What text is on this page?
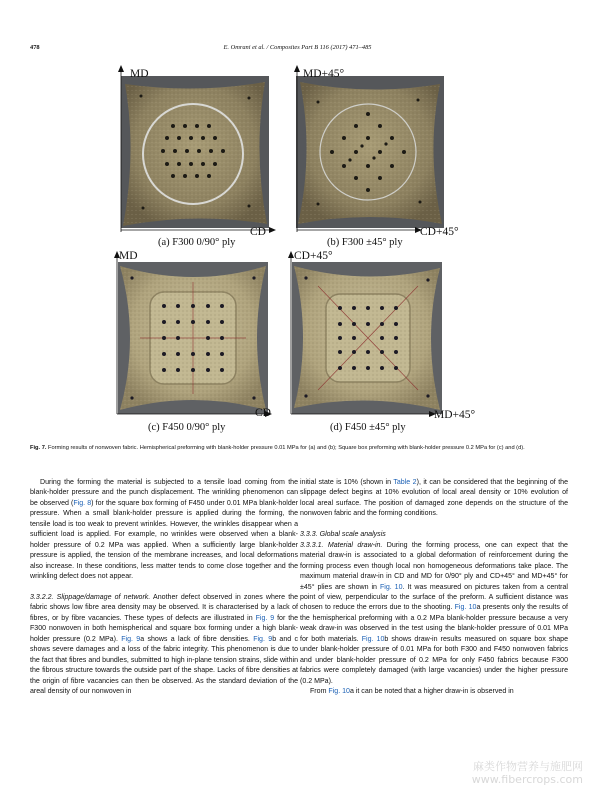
478	E. Omrani et al. / Composites Part B 116 (2017) 471–485
MD
CD
(a) F300 0/90° ply
MD+45°
CD+45°
(b) F300 ±45° ply
MD
CD
(c) F450 0/90° ply
CD+45°
MD+45°
(d) F450 ±45° ply
Fig. 7. Forming results of nonwoven fabric. Hemispherical preforming with blank-holder pressure 0.01 MPa for (a) and (b); Square box preforming with blank-holder pressure 0.2 MPa for (c) and (d).

During the forming the material is subjected to a tensile load coming from the blank-holder pressure and the punch displacement. The wrinkling phenomenon can be observed (Fig. 8) for the square box forming of F450 under 0.01 MPa blank-holder pressure. When a small blank-holder pressure is applied during the forming, the tensile load is too weak to prevent wrinkles. However, the wrinkles disappear when a sufficient load is applied. For example, no wrinkles were observed when a blank-holder pressure of 0.2 MPa was applied. When a sufficiently large blank-holder pressure is applied, the tension of the membrane increases, and local deformations also increase. In these conditions, less matter tends to come close together and the wrinkling defect does not appear.

3.3.2.2. Slippage/damage of network. Another defect observed in zones where the fabric shows low fibre area density may be observed. It is characterised by a lack of fibres, or by fibre vacancies. These types of defects are illustrated in Fig. 9 for the F300 nonwoven in both hemispherical and square box forming under a high blank-holder pressure (0.2 MPa). Fig. 9a shows a lack of fibre densities. Fig. 9b and c shows severe damages and a loss of the fabric integrity. This phenomenon is due to the fact that fibres and bundles, submitted to high in-plane tension strains, slide within the fibrous structure towards the outside part of the shape. Lacks of fibre densities at the origin of fibre vacancies can then be observed. As the standard deviation of the areal density of our nonwoven in

initial state is 10% (shown in Table 2), it can be considered that the beginning of the slippage defect begins at 10% evolution of local areal density or 10% evolution of local areal surface. The position of damaged zone depends on the structure of the nonwoven fabric and the forming conditions.

3.3.3. Global scale analysis

3.3.3.1. Material draw-in. During the forming process, one can expect that the material draw-in is associated to a global deformation of reinforcement during the forming process even though local non homogeneous deformations take place. The maximum material draw-in in CD and MD for 0/90° ply and CD+45° and MD+45° for ±45° plies are shown in Fig. 10. It was measured on pictures taken from a central point of view, perpendicular to the surface of the preform. A sufficient distance was chosen to reduce the errors due to the shooting. Fig. 10a presents only the results of the hemispherical preforming with a 0.2 MPa blank-holder pressure because a very weak draw-in was observed in the test using the blank-holder pressure of 0.01 MPa for both materials. Fig. 10b shows draw-in results measured on square box shape under blank-holder pressure of 0.01 MPa for both F300 and F450 nonwoven fabrics and under blank-holder pressure of 0.2 MPa for only F450 fabrics because F300 fabrics were completely damaged (with large vacancies) under the higher pressure (0.2 MPa).

From Fig. 10a it can be noted that a higher draw-in is observed in

麻类作物营养与施肥网
www.fibercrops.com
